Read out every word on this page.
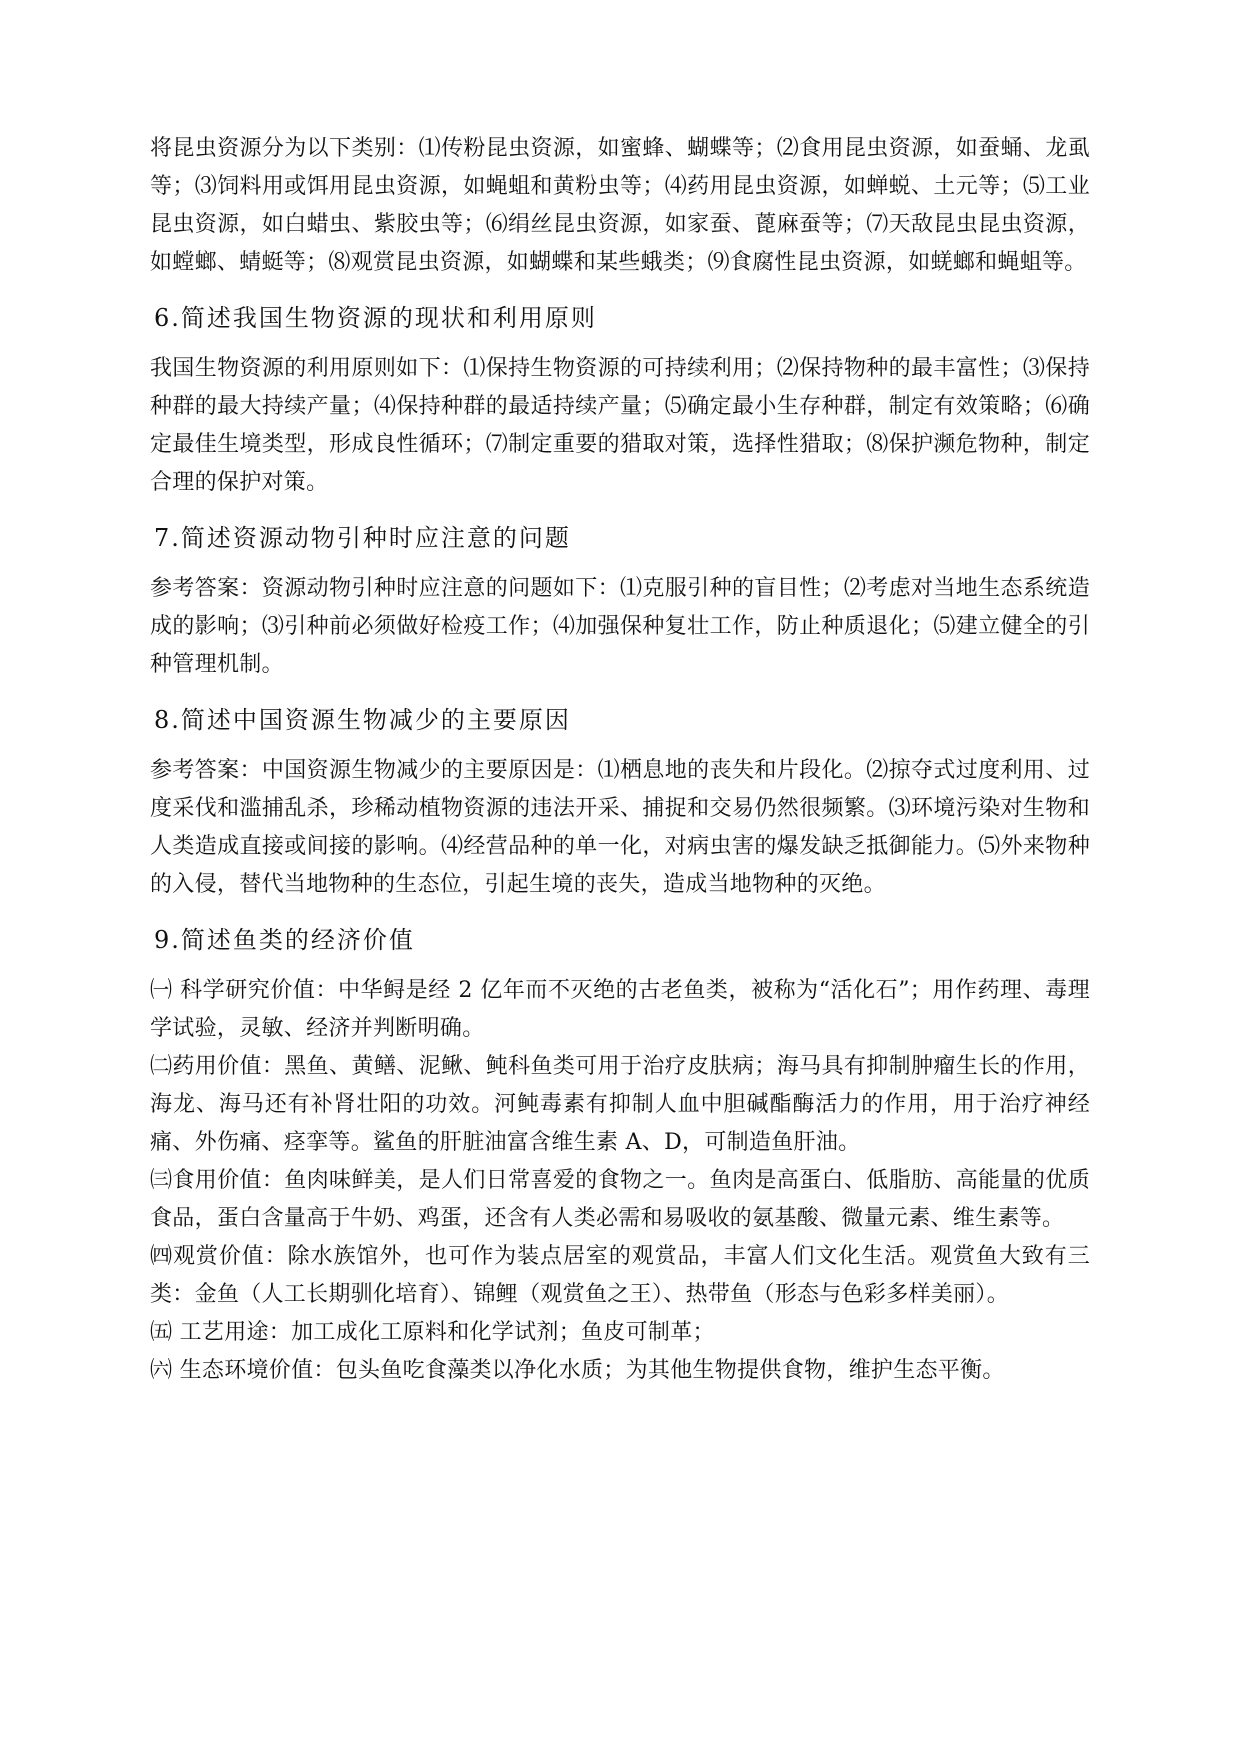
将昆虫资源分为以下类别：⑴传粉昆虫资源，如蜜蜂、蝴蝶等；⑵食用昆虫资源，如蚕蛹、龙虱等；⑶饲料用或饵用昆虫资源，如蝇蛆和黄粉虫等；⑷药用昆虫资源，如蝉蜕、土元等；⑸工业昆虫资源，如白蜡虫、紫胶虫等；⑹绢丝昆虫资源，如家蚕、蓖麻蚕等；⑺天敌昆虫昆虫资源，如螳螂、蜻蜓等；⑻观赏昆虫资源，如蝴蝶和某些蛾类；⑼食腐性昆虫资源，如蜣螂和蝇蛆等。

6.简述我国生物资源的现状和利用原则

我国生物资源的利用原则如下：⑴保持生物资源的可持续利用；⑵保持物种的最丰富性；⑶保持种群的最大持续产量；⑷保持种群的最适持续产量；⑸确定最小生存种群，制定有效策略；⑹确定最佳生境类型，形成良性循环；⑺制定重要的猎取对策，选择性猎取；⑻保护濒危物种，制定合理的保护对策。

7.简述资源动物引种时应注意的问题

参考答案：资源动物引种时应注意的问题如下：⑴克服引种的盲目性；⑵考虑对当地生态系统造成的影响；⑶引种前必须做好检疫工作；⑷加强保种复壮工作，防止种质退化；⑸建立健全的引种管理机制。

8.简述中国资源生物减少的主要原因

参考答案：中国资源生物减少的主要原因是：⑴栖息地的丧失和片段化。⑵掠夺式过度利用、过度采伐和滥捕乱杀，珍稀动植物资源的违法开采、捕捉和交易仍然很频繁。⑶环境污染对生物和人类造成直接或间接的影响。⑷经营品种的单一化，对病虫害的爆发缺乏抵御能力。⑸外来物种的入侵，替代当地物种的生态位，引起生境的丧失，造成当地物种的灭绝。

9.简述鱼类的经济价值

㈠ 科学研究价值：中华鲟是经 2 亿年而不灭绝的古老鱼类，被称为“活化石”；用作药理、毒理学试验，灵敏、经济并判断明确。

㈡药用价值：黑鱼、黄鳝、泥鳅、鲀科鱼类可用于治疗皮肤病；海马具有抑制肿瘤生长的作用，海龙、海马还有补肾壮阳的功效。河鲀毒素有抑制人血中胆碱酯酶活力的作用，用于治疗神经痛、外伤痛、痉挛等。鲨鱼的肝脏油富含维生素 A、D，可制造鱼肝油。

㈢食用价值：鱼肉味鲜美，是人们日常喜爱的食物之一。鱼肉是高蛋白、低脂肪、高能量的优质食品，蛋白含量高于牛奶、鸡蛋，还含有人类必需和易吸收的氨基酸、微量元素、维生素等。

㈣观赏价值：除水族馆外，也可作为装点居室的观赏品，丰富人们文化生活。观赏鱼大致有三类：金鱼（人工长期驯化培育）、锦鲤（观赏鱼之王）、热带鱼（形态与色彩多样美丽）。

㈤ 工艺用途：加工成化工原料和化学试剂；鱼皮可制革；

㈥ 生态环境价值：包头鱼吃食藻类以净化水质；为其他生物提供食物，维护生态平衡。
